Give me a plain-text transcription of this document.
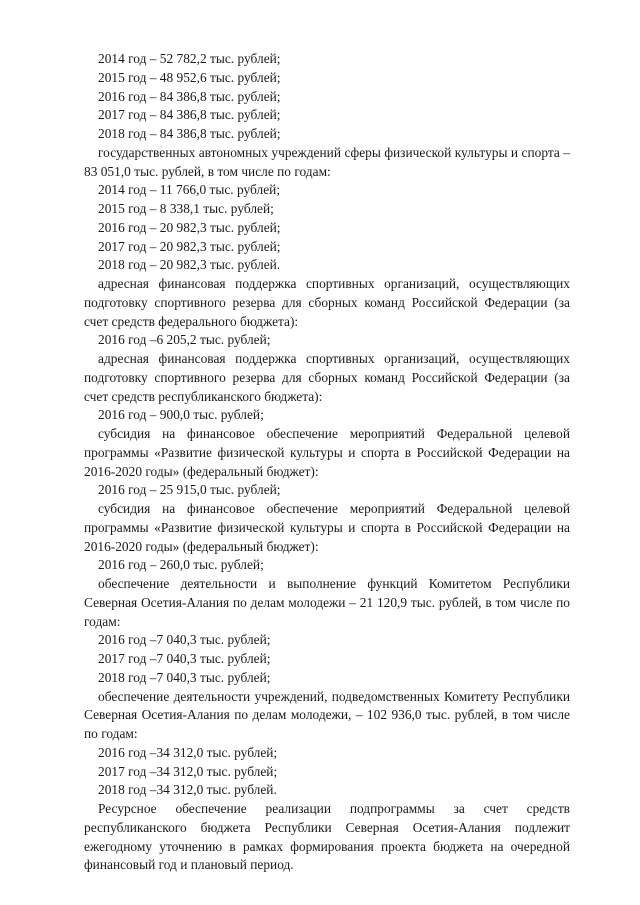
2014 год – 52 782,2 тыс. рублей;

2015 год – 48 952,6 тыс. рублей;

2016 год – 84 386,8 тыс. рублей;

2017 год – 84 386,8 тыс. рублей;

2018 год – 84 386,8 тыс. рублей;

государственных автономных учреждений сферы физической культуры и спорта – 83 051,0 тыс. рублей, в том числе по годам:

2014 год – 11 766,0 тыс. рублей;

2015 год – 8 338,1 тыс. рублей;

2016 год – 20 982,3 тыс. рублей;

2017 год – 20 982,3 тыс. рублей;

2018 год – 20 982,3 тыс. рублей.

адресная финансовая поддержка спортивных организаций, осуществляющих подготовку спортивного резерва для сборных команд Российской Федерации (за счет средств федерального бюджета):

2016 год –6 205,2 тыс. рублей;

адресная финансовая поддержка спортивных организаций, осуществляющих подготовку спортивного резерва для сборных команд Российской Федерации (за счет средств республиканского бюджета):

2016 год – 900,0 тыс. рублей;

субсидия на финансовое обеспечение мероприятий Федеральной целевой программы «Развитие физической культуры и спорта в Российской Федерации на 2016-2020 годы» (федеральный бюджет):

2016 год – 25 915,0 тыс. рублей;

субсидия на финансовое обеспечение мероприятий Федеральной целевой программы «Развитие физической культуры и спорта в Российской Федерации на 2016-2020 годы» (федеральный бюджет):

2016 год – 260,0 тыс. рублей;

обеспечение деятельности и выполнение функций Комитетом Республики Северная Осетия-Алания по делам молодежи – 21 120,9 тыс. рублей, в том числе по годам:

2016 год –7 040,3 тыс. рублей;

2017 год –7 040,3 тыс. рублей;

2018 год –7 040,3 тыс. рублей;

обеспечение деятельности учреждений, подведомственных Комитету Республики Северная Осетия-Алания по делам молодежи, – 102 936,0 тыс. рублей, в том числе по годам:

2016 год –34 312,0 тыс. рублей;

2017 год –34 312,0 тыс. рублей;

2018 год –34 312,0 тыс. рублей.

Ресурсное обеспечение реализации подпрограммы за счет средств республиканского бюджета Республики Северная Осетия-Алания подлежит ежегодному уточнению в рамках формирования проекта бюджета на очередной финансовый год и плановый период.
